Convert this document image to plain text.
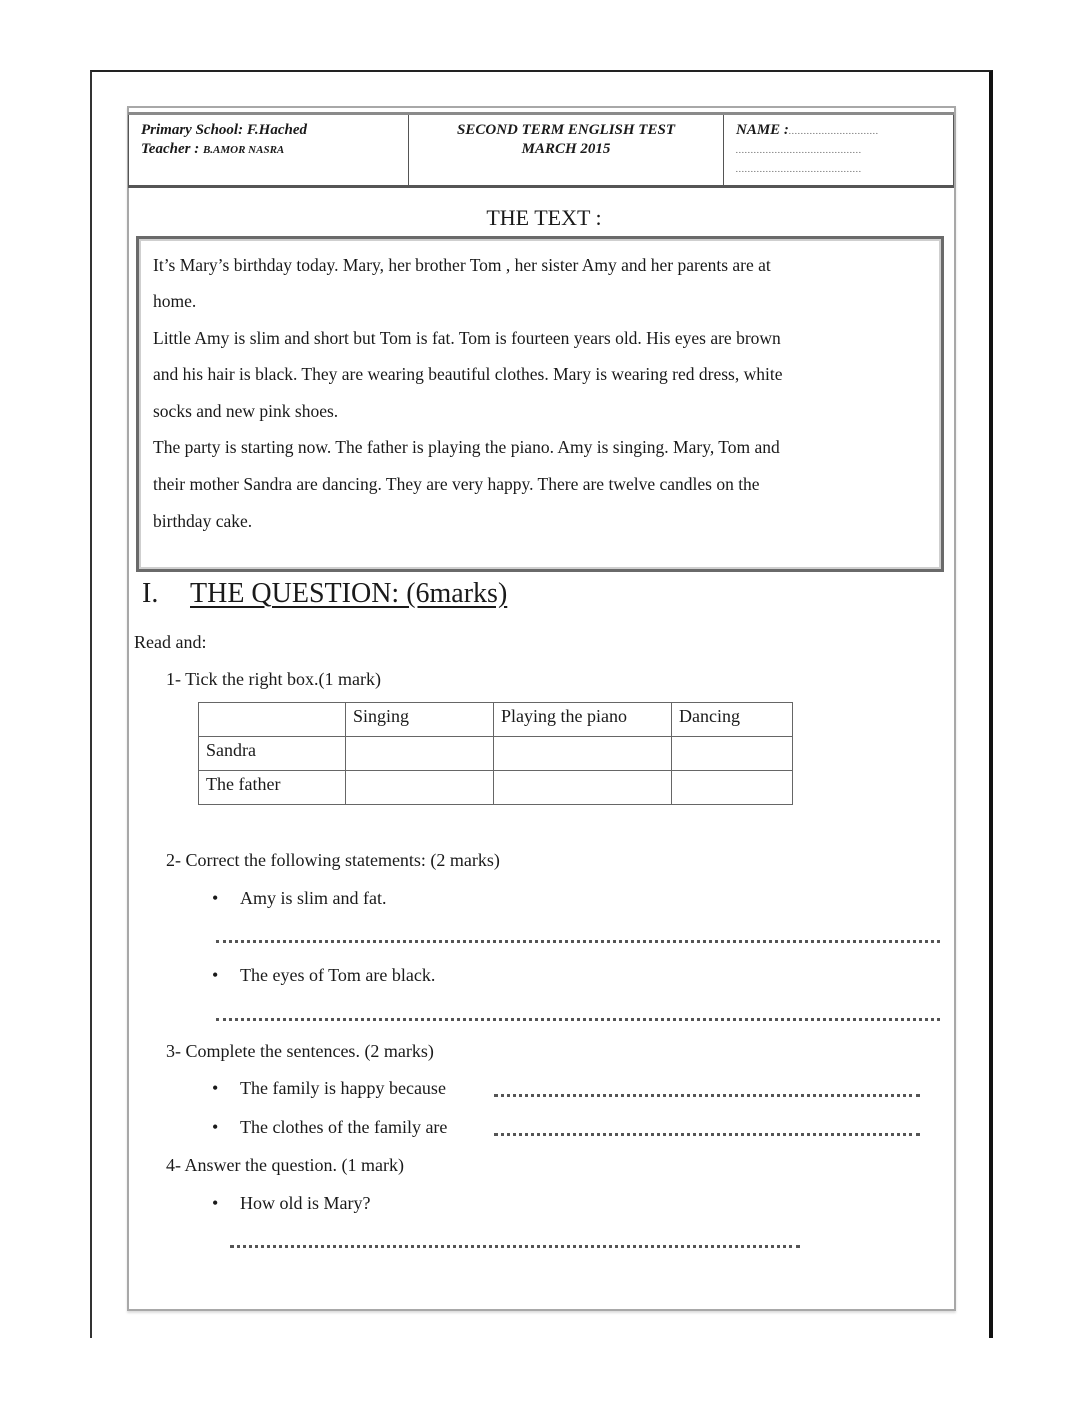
Primary School: F.Hached
Teacher : B.AMOR NASRA

SECOND TERM ENGLISH TEST
MARCH 2015

NAME :…………………………
……………………………………
……………………………………
THE TEXT :

It’s Mary’s birthday today. Mary, her brother Tom , her sister Amy and her parents are at

home.

Little Amy is slim and short but Tom is fat. Tom is fourteen years old. His eyes are brown

and his hair is black. They are wearing beautiful clothes. Mary is wearing red dress, white

socks and new pink shoes.

The party is starting now. The father is playing the piano. Amy is singing. Mary, Tom and

their mother Sandra are dancing. They are very happy. There are twelve candles on the

birthday cake.

I. THE QUESTION: (6marks)
Read and:
1- Tick the right box.(1 mark)
	Singing	Playing the piano	Dancing
Sandra			
The father			
2- Correct the following statements: (2 marks)
• Amy is slim and fat.
• The eyes of Tom are black.
3- Complete the sentences. (2 marks)
• The family is happy because
• The clothes of the family are
4- Answer the question. (1 mark)
• How old is Mary?
